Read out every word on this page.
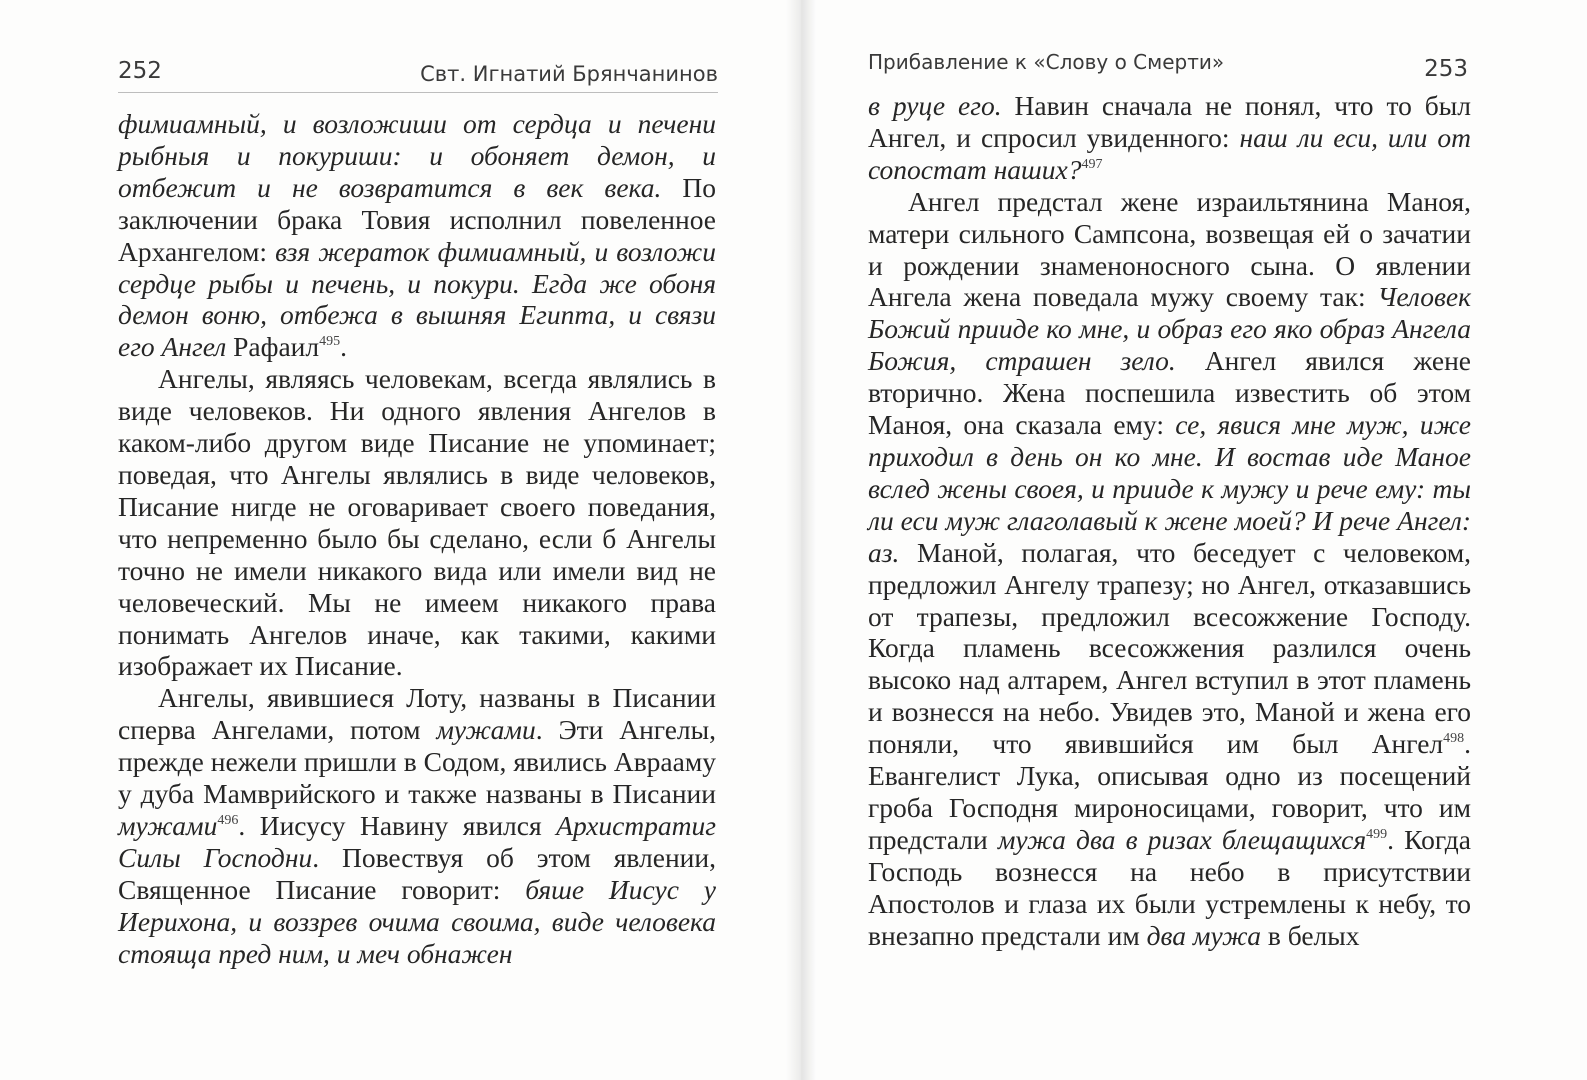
252	Свт. Игнатий Брянчанинов

фимиамный, и возложиши от сердца и печени рыбныя и покуриши: и обоняет демон, и отбежит и не возвратится в век века. По заключении брака Товия исполнил повеленное Архангелом: взя жераток фимиамный, и возложи сердце рыбы и печень, и покури. Егда же обоня демон воню, отбежа в вышняя Египта, и связи его Ангел Рафаил$^{495}$.

Ангелы, являясь человекам, всегда являлись в виде человеков. Ни одного явления Ангелов в каком-либо другом виде Писание не упоминает; поведая, что Ангелы являлись в виде человеков, Писание нигде не оговаривает своего поведания, что непременно было бы сделано, если б Ангелы точно не имели никакого вида или имели вид не человеческий. Мы не имеем никакого права понимать Ангелов иначе, как такими, какими изображает их Писание.

Ангелы, явившиеся Лоту, названы в Писании сперва Ангелами, потом мужами. Эти Ангелы, прежде нежели пришли в Содом, явились Аврааму у дуба Мамврийского и также названы в Писании мужами$^{496}$. Иисусу Навину явился Архистратиг Силы Господни. Повествуя об этом явлении, Священное Писание говорит: бяше Иисус у Иерихона, и воззрев очима своима, виде человека стояща пред ним, и меч обнажен

Прибавление к «Слову о Смерти»	253

в руце его. Навин сначала не понял, что то был Ангел, и спросил увиденного: наш ли еси, или от сопостат наших?$^{497}$

Ангел предстал жене израильтянина Маноя, матери сильного Сампсона, возвещая ей о зачатии и рождении знаменоносного сына. О явлении Ангела жена поведала мужу своему так: Человек Божий прииде ко мне, и образ его яко образ Ангела Божия, страшен зело. Ангел явился жене вторично. Жена поспешила известить об этом Маноя, она сказала ему: се, явися мне муж, иже приходил в день он ко мне. И востав иде Маное вслед жены своея, и прииде к мужу и рече ему: ты ли еси муж глаголавый к жене моей? И рече Ангел: аз. Маной, полагая, что беседует с человеком, предложил Ангелу трапезу; но Ангел, отказавшись от трапезы, предложил всесожжение Господу. Когда пламень всесожжения разлился очень высоко над алтарем, Ангел вступил в этот пламень и вознесся на небо. Увидев это, Маной и жена его поняли, что явившийся им был Ангел$^{498}$. Евангелист Лука, описывая одно из посещений гроба Господня мироносицами, говорит, что им предстали мужа два в ризах блещащихся$^{499}$. Когда Господь вознесся на небо в присутствии Апостолов и глаза их были устремлены к небу, то внезапно предстали им два мужа в белых
